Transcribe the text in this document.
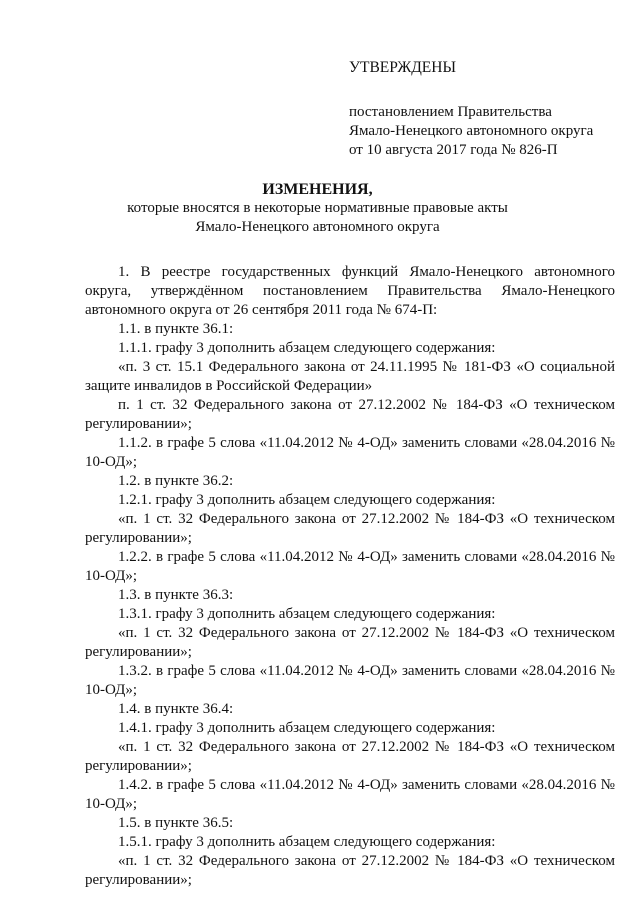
УТВЕРЖДЕНЫ
постановлением Правительства
Ямало-Ненецкого автономного округа
от 10 августа 2017 года № 826-П
ИЗМЕНЕНИЯ,
которые вносятся в некоторые нормативные правовые акты
Ямало-Ненецкого автономного округа

1. В реестре государственных функций Ямало-Ненецкого автономного округа, утверждённом постановлением Правительства Ямало-Ненецкого автономного округа от 26 сентября 2011 года № 674-П:

1.1. в пункте 36.1:

1.1.1. графу 3 дополнить абзацем следующего содержания:

«п. 3 ст. 15.1 Федерального закона от 24.11.1995 № 181-ФЗ «О социальной защите инвалидов в Российской Федерации»

п. 1 ст. 32 Федерального закона от 27.12.2002 № 184-ФЗ «О техническом регулировании»;

1.1.2. в графе 5 слова «11.04.2012 № 4-ОД» заменить словами «28.04.2016 № 10-ОД»;

1.2. в пункте 36.2:

1.2.1. графу 3 дополнить абзацем следующего содержания:

«п. 1 ст. 32 Федерального закона от 27.12.2002 № 184-ФЗ «О техническом регулировании»;

1.2.2. в графе 5 слова «11.04.2012 № 4-ОД» заменить словами «28.04.2016 № 10-ОД»;

1.3. в пункте 36.3:

1.3.1. графу 3 дополнить абзацем следующего содержания:

«п. 1 ст. 32 Федерального закона от 27.12.2002 № 184-ФЗ «О техническом регулировании»;

1.3.2. в графе 5 слова «11.04.2012 № 4-ОД» заменить словами «28.04.2016 № 10-ОД»;

1.4. в пункте 36.4:

1.4.1. графу 3 дополнить абзацем следующего содержания:

«п. 1 ст. 32 Федерального закона от 27.12.2002 № 184-ФЗ «О техническом регулировании»;

1.4.2. в графе 5 слова «11.04.2012 № 4-ОД» заменить словами «28.04.2016 № 10-ОД»;

1.5. в пункте 36.5:

1.5.1. графу 3 дополнить абзацем следующего содержания:

«п. 1 ст. 32 Федерального закона от 27.12.2002 № 184-ФЗ «О техническом регулировании»;
